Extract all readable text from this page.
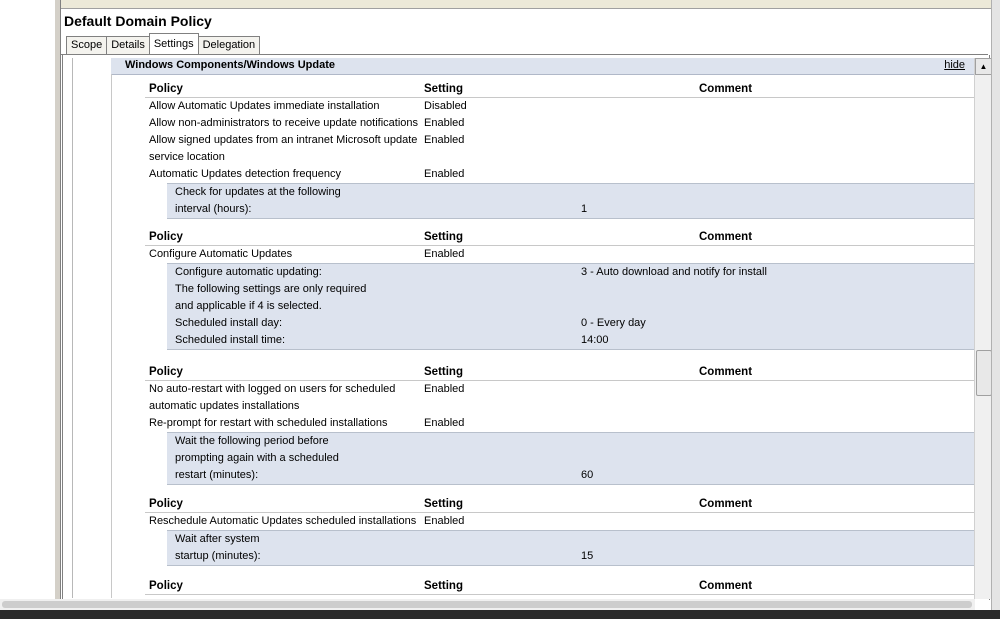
Default Domain Policy
Scope Details Settings Delegation
Windows Components/Windows Update	hide
Policy	Setting	Comment
Allow Automatic Updates immediate installation	Disabled
Allow non-administrators to receive update notifications Enabled
Allow signed updates from an intranet Microsoft update Enabled
service location
Automatic Updates detection frequency	Enabled
Check for updates at the following
interval (hours):	1
Policy	Setting	Comment
Configure Automatic Updates	Enabled
Configure automatic updating:	3 - Auto download and notify for install
The following settings are only required
and applicable if 4 is selected.
Scheduled install day:	0 - Every day
Scheduled install time:	14:00
Policy	Setting	Comment
No auto-restart with logged on users for scheduled	Enabled
automatic updates installations
Re-prompt for restart with scheduled installations	Enabled
Wait the following period before
prompting again with a scheduled
restart (minutes):	60
Policy	Setting	Comment
Reschedule Automatic Updates scheduled installations Enabled
Wait after system
startup (minutes):	15
Policy	Setting	Comment
▲
